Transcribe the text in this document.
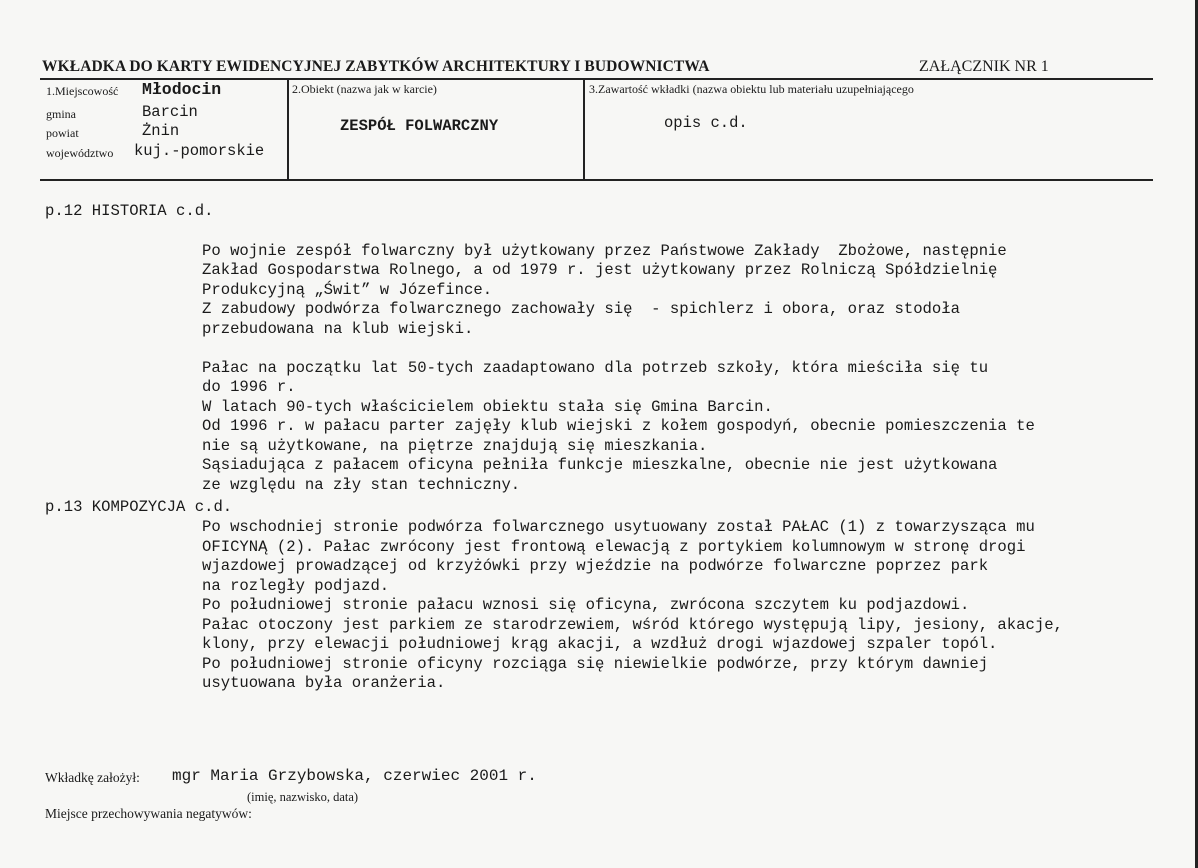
WKŁADKA DO KARTY EWIDENCYJNEJ ZABYTKÓW ARCHITEKTURY I BUDOWNICTWA	ZAŁĄCZNIK NR 1
1.Miejscowość Młodocin
gmina	Barcin
powiat	Żnin
województwo kuj.-pomorskie
2.Obiekt (nazwa jak w karcie)
ZESPÓŁ FOLWARCZNY
3.Zawartość wkładki (nazwa obiektu lub materiału uzupełniającego
opis c.d.
p.12 HISTORIA c.d.

Po wojnie zespół folwarczny był użytkowany przez Państwowe Zakłady  Zbożowe, następnie
Zakład Gospodarstwa Rolnego, a od 1979 r. jest użytkowany przez Rolniczą Spółdzielnię
Produkcyjną „Świt” w Józefince.
Z zabudowy podwórza folwarcznego zachowały się  - spichlerz i obora, oraz stodoła
przebudowana na klub wiejski.
Pałac na początku lat 50-tych zaadaptowano dla potrzeb szkoły, która mieściła się tu
do 1996 r.
W latach 90-tych właścicielem obiektu stała się Gmina Barcin.
Od 1996 r. w pałacu parter zajęły klub wiejski z kołem gospodyń, obecnie pomieszczenia te
nie są użytkowane, na piętrze znajdują się mieszkania.
Sąsiadująca z pałacem oficyna pełniła funkcje mieszkalne, obecnie nie jest użytkowana
ze względu na zły stan techniczny.

p.13 KOMPOZYCJA c.d.
Po wschodniej stronie podwórza folwarcznego usytuowany został PAŁAC (1) z towarzysząca mu
OFICYNĄ (2). Pałac zwrócony jest frontową elewacją z portykiem kolumnowym w stronę drogi
wjazdowej prowadzącej od krzyżówki przy wjeździe na podwórze folwarczne poprzez park
na rozległy podjazd.
Po południowej stronie pałacu wznosi się oficyna, zwrócona szczytem ku podjazdowi.
Pałac otoczony jest parkiem ze starodrzewiem, wśród którego występują lipy, jesiony, akacje,
klony, przy elewacji południowej krąg akacji, a wzdłuż drogi wjazdowej szpaler topól.
Po południowej stronie oficyny rozciąga się niewielkie podwórze, przy którym dawniej
usytuowana była oranżeria.
Wkładkę założył: mgr Maria Grzybowska, czerwiec 2001 r.
(imię, nazwisko, data)
Miejsce przechowywania negatywów:
